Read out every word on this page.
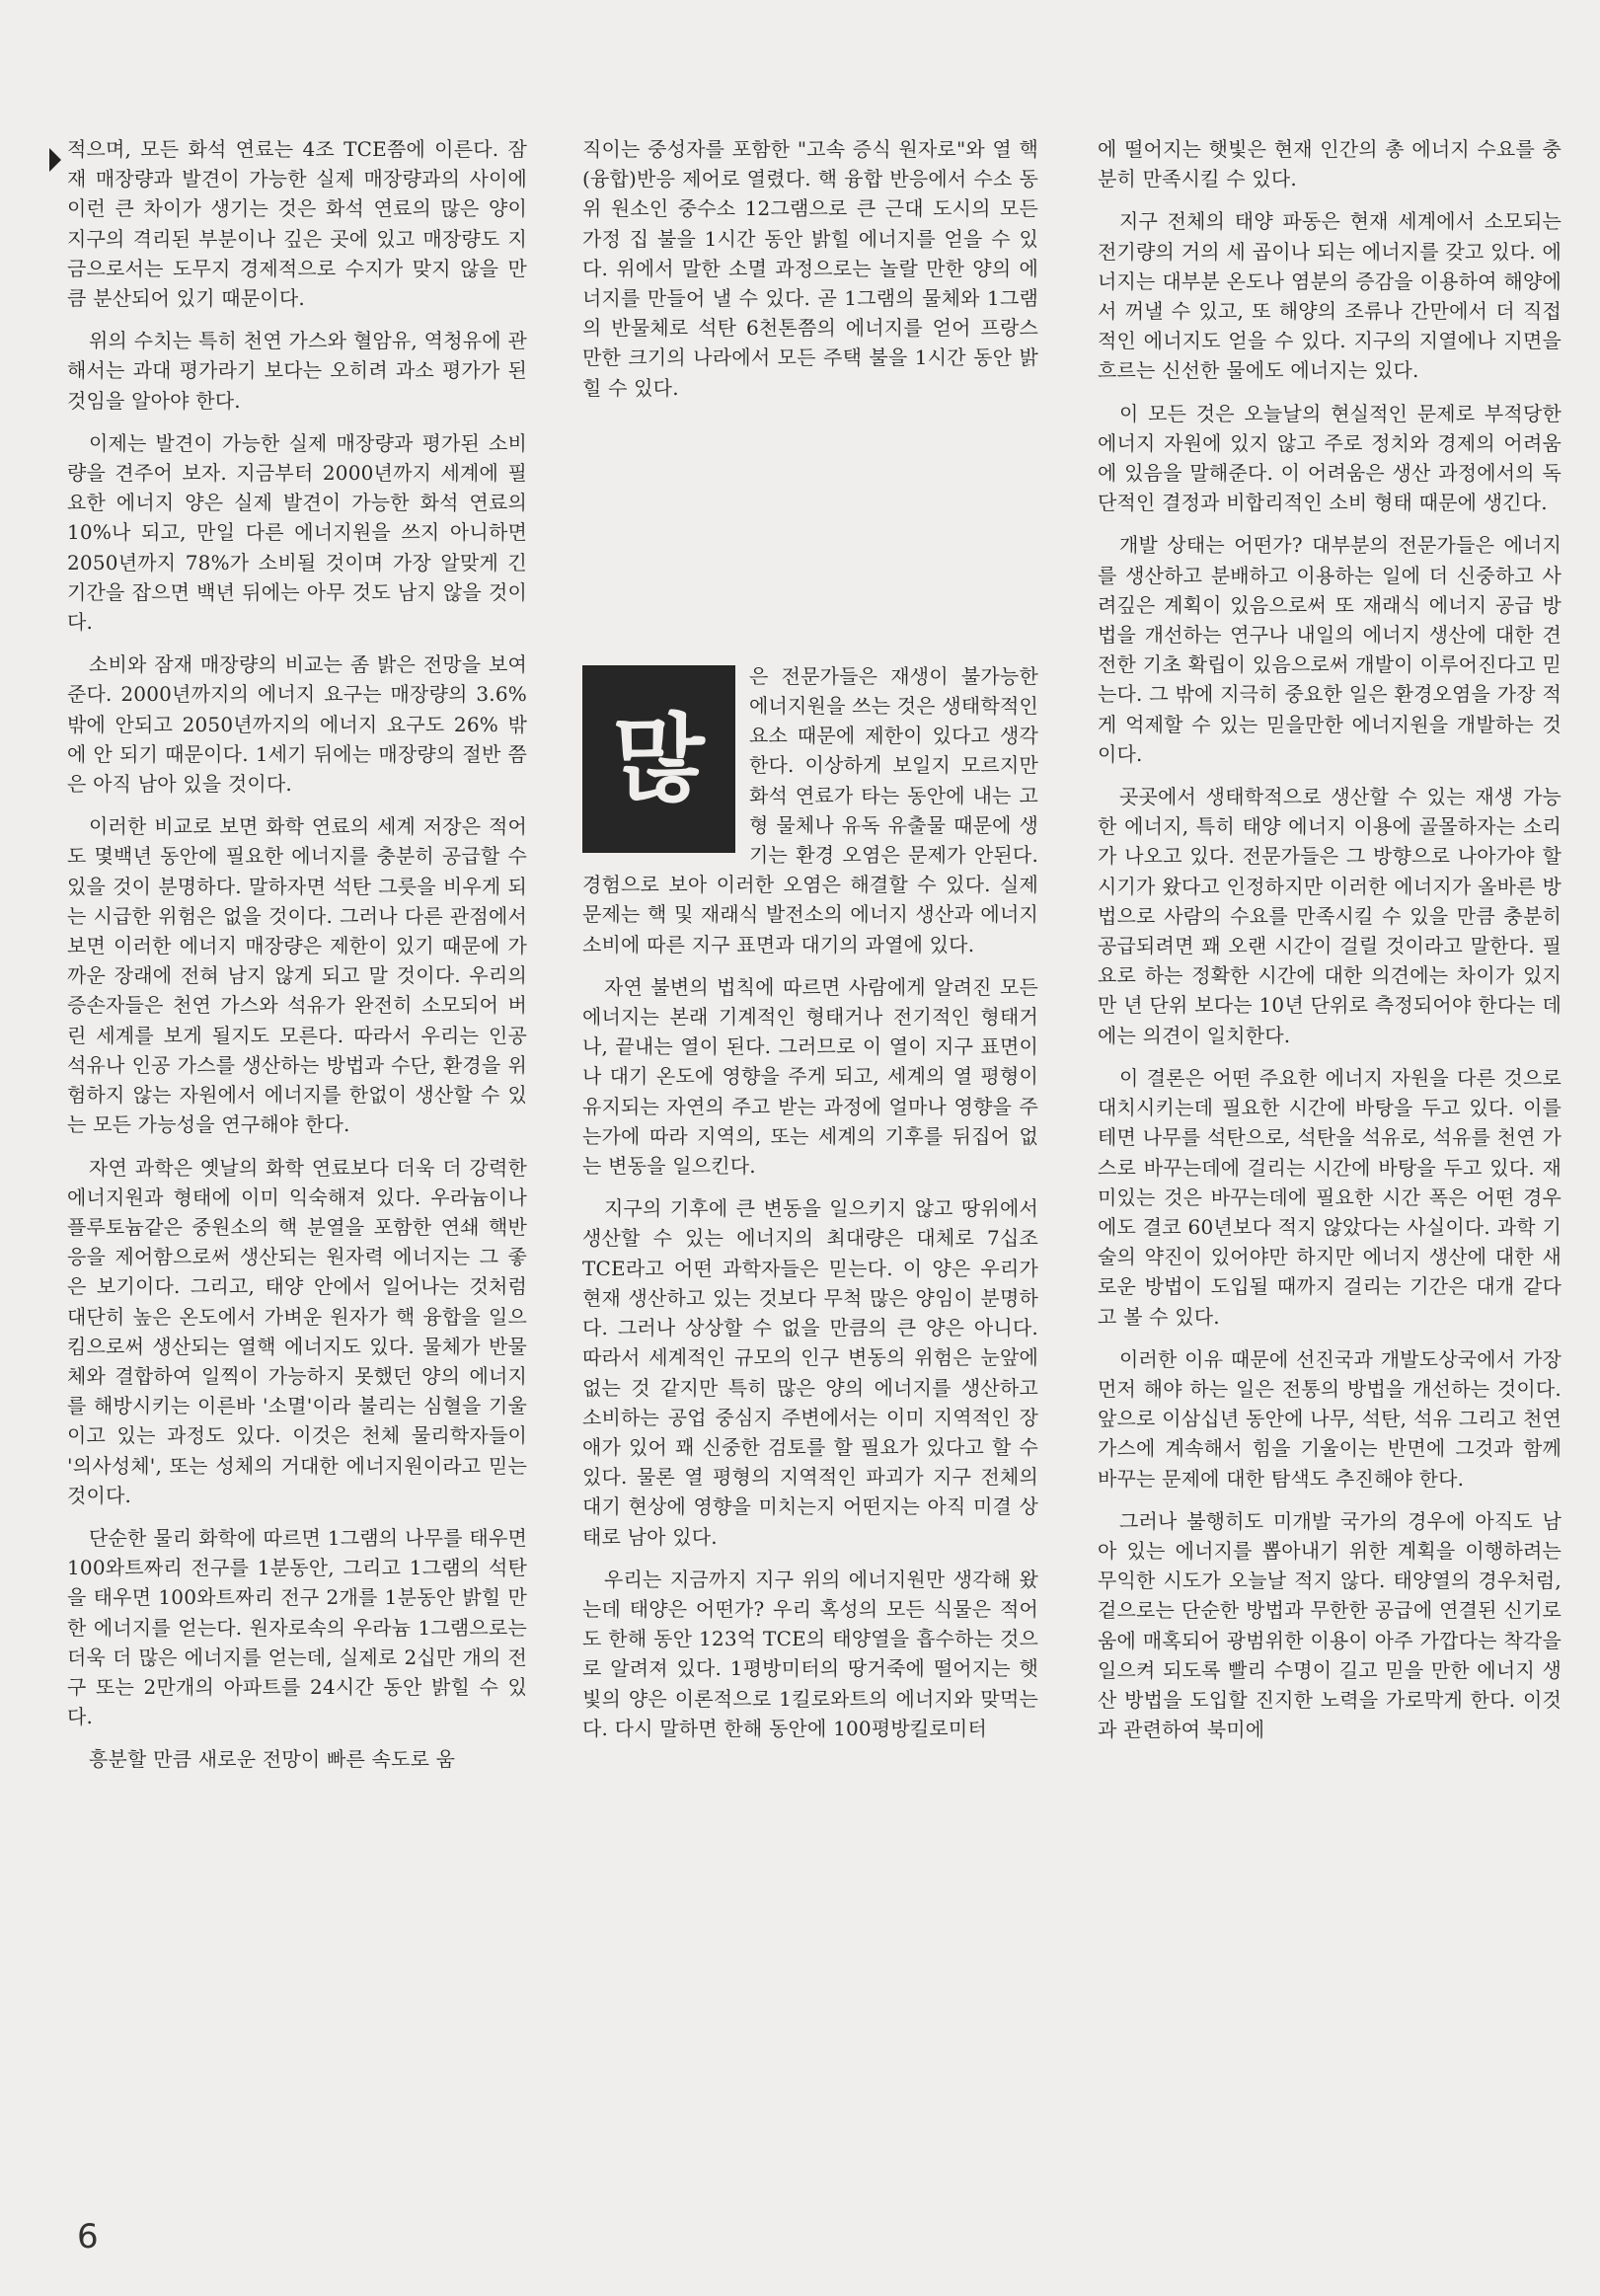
적으며, 모든 화석 연료는 4조 TCE쯤에 이른다. 잠재 매장량과 발견이 가능한 실제 매장량과의 사이에 이런 큰 차이가 생기는 것은 화석 연료의 많은 양이 지구의 격리된 부분이나 깊은 곳에 있고 매장량도 지금으로서는 도무지 경제적으로 수지가 맞지 않을 만큼 분산되어 있기 때문이다.

위의 수치는 특히 천연 가스와 혈암유, 역청유에 관해서는 과대 평가라기 보다는 오히려 과소 평가가 된 것임을 알아야 한다.

이제는 발견이 가능한 실제 매장량과 평가된 소비량을 견주어 보자. 지금부터 2000년까지 세계에 필요한 에너지 양은 실제 발견이 가능한 화석 연료의 10%나 되고, 만일 다른 에너지원을 쓰지 아니하면 2050년까지 78%가 소비될 것이며 가장 알맞게 긴 기간을 잡으면 백년 뒤에는 아무 것도 남지 않을 것이다.

소비와 잠재 매장량의 비교는 좀 밝은 전망을 보여 준다. 2000년까지의 에너지 요구는 매장량의 3.6%밖에 안되고 2050년까지의 에너지 요구도 26% 밖에 안 되기 때문이다. 1세기 뒤에는 매장량의 절반 쯤은 아직 남아 있을 것이다.

이러한 비교로 보면 화학 연료의 세계 저장은 적어도 몇백년 동안에 필요한 에너지를 충분히 공급할 수 있을 것이 분명하다. 말하자면 석탄 그릇을 비우게 되는 시급한 위험은 없을 것이다. 그러나 다른 관점에서 보면 이러한 에너지 매장량은 제한이 있기 때문에 가까운 장래에 전혀 남지 않게 되고 말 것이다. 우리의 증손자들은 천연 가스와 석유가 완전히 소모되어 버린 세계를 보게 될지도 모른다. 따라서 우리는 인공 석유나 인공 가스를 생산하는 방법과 수단, 환경을 위험하지 않는 자원에서 에너지를 한없이 생산할 수 있는 모든 가능성을 연구해야 한다.

자연 과학은 옛날의 화학 연료보다 더욱 더 강력한 에너지원과 형태에 이미 익숙해져 있다. 우라늄이나 플루토늄같은 중원소의 핵 분열을 포함한 연쇄 핵반응을 제어함으로써 생산되는 원자력 에너지는 그 좋은 보기이다. 그리고, 태양 안에서 일어나는 것처럼 대단히 높은 온도에서 가벼운 원자가 핵 융합을 일으킴으로써 생산되는 열핵 에너지도 있다. 물체가 반물체와 결합하여 일찍이 가능하지 못했던 양의 에너지를 해방시키는 이른바 '소멸'이라 불리는 심혈을 기울이고 있는 과정도 있다. 이것은 천체 물리학자들이 '의사성체', 또는 성체의 거대한 에너지원이라고 믿는 것이다.

단순한 물리 화학에 따르면 1그램의 나무를 태우면 100와트짜리 전구를 1분동안, 그리고 1그램의 석탄을 태우면 100와트짜리 전구 2개를 1분동안 밝힐 만한 에너지를 얻는다. 원자로속의 우라늄 1그램으로는 더욱 더 많은 에너지를 얻는데, 실제로 2십만 개의 전구 또는 2만개의 아파트를 24시간 동안 밝힐 수 있다.

흥분할 만큼 새로운 전망이 빠른 속도로 움

직이는 중성자를 포함한 "고속 증식 원자로"와 열 핵(융합)반응 제어로 열렸다. 핵 융합 반응에서 수소 동위 원소인 중수소 12그램으로 큰 근대 도시의 모든 가정 집 불을 1시간 동안 밝힐 에너지를 얻을 수 있다. 위에서 말한 소멸 과정으로는 놀랄 만한 양의 에너지를 만들어 낼 수 있다. 곧 1그램의 물체와 1그램의 반물체로 석탄 6천톤쯤의 에너지를 얻어 프랑스만한 크기의 나라에서 모든 주택 불을 1시간 동안 밝힐 수 있다.

많

은 전문가들은 재생이 불가능한 에너지원을 쓰는 것은 생태학적인 요소 때문에 제한이 있다고 생각한다. 이상하게 보일지 모르지만 화석 연료가 타는 동안에 내는 고형 물체나 유독 유출물 때문에 생기는 환경 오염은 문제가 안된다. 경험으로 보아 이러한 오염은 해결할 수 있다. 실제 문제는 핵 및 재래식 발전소의 에너지 생산과 에너지 소비에 따른 지구 표면과 대기의 과열에 있다.

자연 불변의 법칙에 따르면 사람에게 알려진 모든 에너지는 본래 기계적인 형태거나 전기적인 형태거나, 끝내는 열이 된다. 그러므로 이 열이 지구 표면이나 대기 온도에 영향을 주게 되고, 세계의 열 평형이 유지되는 자연의 주고 받는 과정에 얼마나 영향을 주는가에 따라 지역의, 또는 세계의 기후를 뒤집어 없는 변동을 일으킨다.

지구의 기후에 큰 변동을 일으키지 않고 땅위에서 생산할 수 있는 에너지의 최대량은 대체로 7십조 TCE라고 어떤 과학자들은 믿는다. 이 양은 우리가 현재 생산하고 있는 것보다 무척 많은 양임이 분명하다. 그러나 상상할 수 없을 만큼의 큰 양은 아니다. 따라서 세계적인 규모의 인구 변동의 위험은 눈앞에 없는 것 같지만 특히 많은 양의 에너지를 생산하고 소비하는 공업 중심지 주변에서는 이미 지역적인 장애가 있어 꽤 신중한 검토를 할 필요가 있다고 할 수 있다. 물론 열 평형의 지역적인 파괴가 지구 전체의 대기 현상에 영향을 미치는지 어떤지는 아직 미결 상태로 남아 있다.

우리는 지금까지 지구 위의 에너지원만 생각해 왔는데 태양은 어떤가? 우리 혹성의 모든 식물은 적어도 한해 동안 123억 TCE의 태양열을 흡수하는 것으로 알려져 있다. 1평방미터의 땅거죽에 떨어지는 햇빛의 양은 이론적으로 1킬로와트의 에너지와 맞먹는다. 다시 말하면 한해 동안에 100평방킬로미터

에 떨어지는 햇빛은 현재 인간의 총 에너지 수요를 충분히 만족시킬 수 있다.

지구 전체의 태양 파동은 현재 세계에서 소모되는 전기량의 거의 세 곱이나 되는 에너지를 갖고 있다. 에너지는 대부분 온도나 염분의 증감을 이용하여 해양에서 꺼낼 수 있고, 또 해양의 조류나 간만에서 더 직접적인 에너지도 얻을 수 있다. 지구의 지열에나 지면을 흐르는 신선한 물에도 에너지는 있다.

이 모든 것은 오늘날의 현실적인 문제로 부적당한 에너지 자원에 있지 않고 주로 정치와 경제의 어려움에 있음을 말해준다. 이 어려움은 생산 과정에서의 독단적인 결정과 비합리적인 소비 형태 때문에 생긴다.

개발 상태는 어떤가? 대부분의 전문가들은 에너지를 생산하고 분배하고 이용하는 일에 더 신중하고 사려깊은 계획이 있음으로써 또 재래식 에너지 공급 방법을 개선하는 연구나 내일의 에너지 생산에 대한 견전한 기초 확립이 있음으로써 개발이 이루어진다고 믿는다. 그 밖에 지극히 중요한 일은 환경오염을 가장 적게 억제할 수 있는 믿을만한 에너지원을 개발하는 것이다.

곳곳에서 생태학적으로 생산할 수 있는 재생 가능한 에너지, 특히 태양 에너지 이용에 골몰하자는 소리가 나오고 있다. 전문가들은 그 방향으로 나아가야 할 시기가 왔다고 인정하지만 이러한 에너지가 올바른 방법으로 사람의 수요를 만족시킬 수 있을 만큼 충분히 공급되려면 꽤 오랜 시간이 걸릴 것이라고 말한다. 필요로 하는 정확한 시간에 대한 의견에는 차이가 있지만 년 단위 보다는 10년 단위로 측정되어야 한다는 데에는 의견이 일치한다.

이 결론은 어떤 주요한 에너지 자원을 다른 것으로 대치시키는데 필요한 시간에 바탕을 두고 있다. 이를테면 나무를 석탄으로, 석탄을 석유로, 석유를 천연 가스로 바꾸는데에 걸리는 시간에 바탕을 두고 있다. 재미있는 것은 바꾸는데에 필요한 시간 폭은 어떤 경우에도 결코 60년보다 적지 않았다는 사실이다. 과학 기술의 약진이 있어야만 하지만 에너지 생산에 대한 새로운 방법이 도입될 때까지 걸리는 기간은 대개 같다고 볼 수 있다.

이러한 이유 때문에 선진국과 개발도상국에서 가장 먼저 해야 하는 일은 전통의 방법을 개선하는 것이다. 앞으로 이삼십년 동안에 나무, 석탄, 석유 그리고 천연 가스에 계속해서 힘을 기울이는 반면에 그것과 함께 바꾸는 문제에 대한 탐색도 추진해야 한다.

그러나 불행히도 미개발 국가의 경우에 아직도 남아 있는 에너지를 뽑아내기 위한 계획을 이행하려는 무익한 시도가 오늘날 적지 않다. 태양열의 경우처럼, 겉으로는 단순한 방법과 무한한 공급에 연결된 신기로움에 매혹되어 광범위한 이용이 아주 가깝다는 착각을 일으켜 되도록 빨리 수명이 길고 믿을 만한 에너지 생산 방법을 도입할 진지한 노력을 가로막게 한다. 이것과 관련하여 북미에

6
